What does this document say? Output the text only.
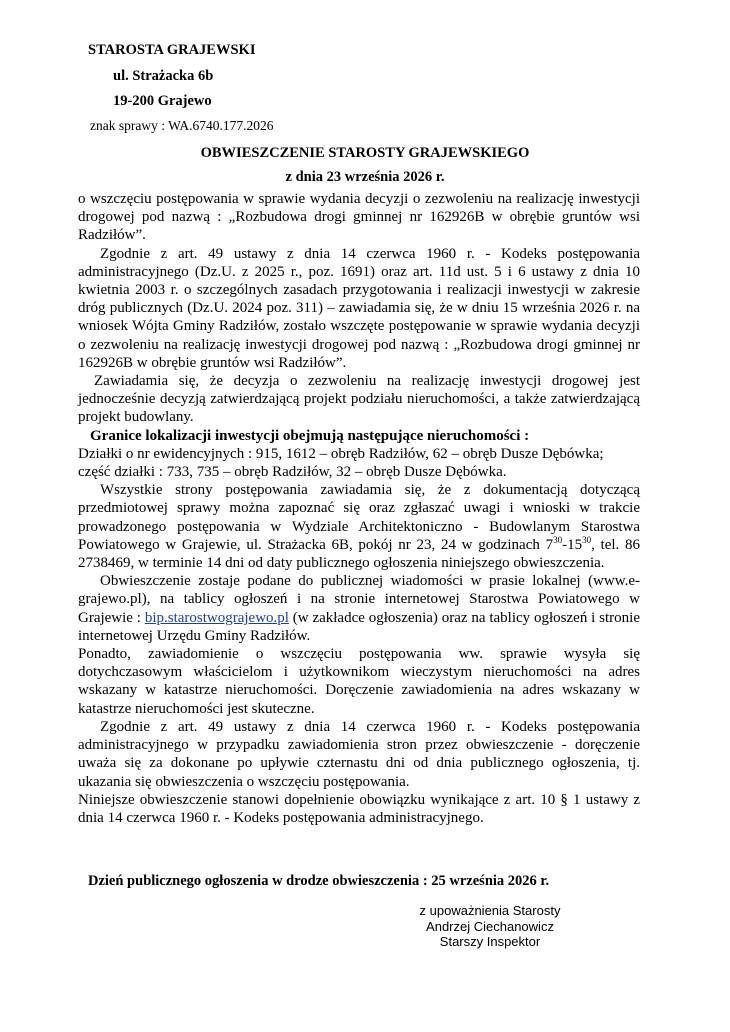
STAROSTA GRAJEWSKI
ul. Strażacka 6b
19-200 Grajewo
znak sprawy : WA.6740.177.2026
OBWIESZCZENIE STAROSTY GRAJEWSKIEGO
z dnia 23 września 2026 r.

o wszczęciu postępowania w sprawie wydania decyzji o zezwoleniu na realizację inwestycji drogowej pod nazwą : „Rozbudowa drogi gminnej nr 162926B w obrębie gruntów wsi Radziłów”.

Zgodnie z art. 49 ustawy z dnia 14 czerwca 1960 r. - Kodeks postępowania administracyjnego (Dz.U. z 2025 r., poz. 1691) oraz art. 11d ust. 5 i 6 ustawy z dnia 10 kwietnia 2003 r. o szczególnych zasadach przygotowania i realizacji inwestycji w zakresie dróg publicznych (Dz.U. 2024 poz. 311) – zawiadamia się, że w dniu 15 września 2026 r. na wniosek Wójta Gminy Radziłów, zostało wszczęte postępowanie w sprawie wydania decyzji o zezwoleniu na realizację inwestycji drogowej pod nazwą : „Rozbudowa drogi gminnej nr 162926B w obrębie gruntów wsi Radziłów”.

Zawiadamia się, że decyzja o zezwoleniu na realizację inwestycji drogowej jest jednocześnie decyzją zatwierdzającą projekt podziału nieruchomości, a także zatwierdzającą projekt budowlany.

Granice lokalizacji inwestycji obejmują następujące nieruchomości :

Działki o nr ewidencyjnych : 915, 1612 – obręb Radziłów, 62 – obręb Dusze Dębówka;

część działki : 733, 735 – obręb Radziłów, 32 – obręb Dusze Dębówka.

Wszystkie strony postępowania zawiadamia się, że z dokumentacją dotyczącą przedmiotowej sprawy można zapoznać się oraz zgłaszać uwagi i wnioski w trakcie prowadzonego postępowania w Wydziale Architektoniczno - Budowlanym Starostwa Powiatowego w Grajewie, ul. Strażacka 6B, pokój nr 23, 24 w godzinach $7^{30}-15^{30}$, tel. 86 2738469, w terminie 14 dni od daty publicznego ogłoszenia niniejszego obwieszczenia.

Obwieszczenie zostaje podane do publicznej wiadomości w prasie lokalnej (www.e-grajewo.pl), na tablicy ogłoszeń i na stronie internetowej Starostwa Powiatowego w Grajewie : bip.starostwograjewo.pl (w zakładce ogłoszenia) oraz na tablicy ogłoszeń i stronie internetowej Urzędu Gminy Radziłów.

Ponadto, zawiadomienie o wszczęciu postępowania ww. sprawie wysyła się dotychczasowym właścicielom i użytkownikom wieczystym nieruchomości na adres wskazany w katastrze nieruchomości. Doręczenie zawiadomienia na adres wskazany w katastrze nieruchomości jest skuteczne.

Zgodnie z art. 49 ustawy z dnia 14 czerwca 1960 r. - Kodeks postępowania administracyjnego w przypadku zawiadomienia stron przez obwieszczenie - doręczenie uważa się za dokonane po upływie czternastu dni od dnia publicznego ogłoszenia, tj. ukazania się obwieszczenia o wszczęciu postępowania.

Niniejsze obwieszczenie stanowi dopełnienie obowiązku wynikające z art. 10 § 1 ustawy z dnia 14 czerwca 1960 r. - Kodeks postępowania administracyjnego.

Dzień publicznego ogłoszenia w drodze obwieszczenia : 25 września 2026 r.
z upoważnienia Starosty
Andrzej Ciechanowicz
Starszy Inspektor
